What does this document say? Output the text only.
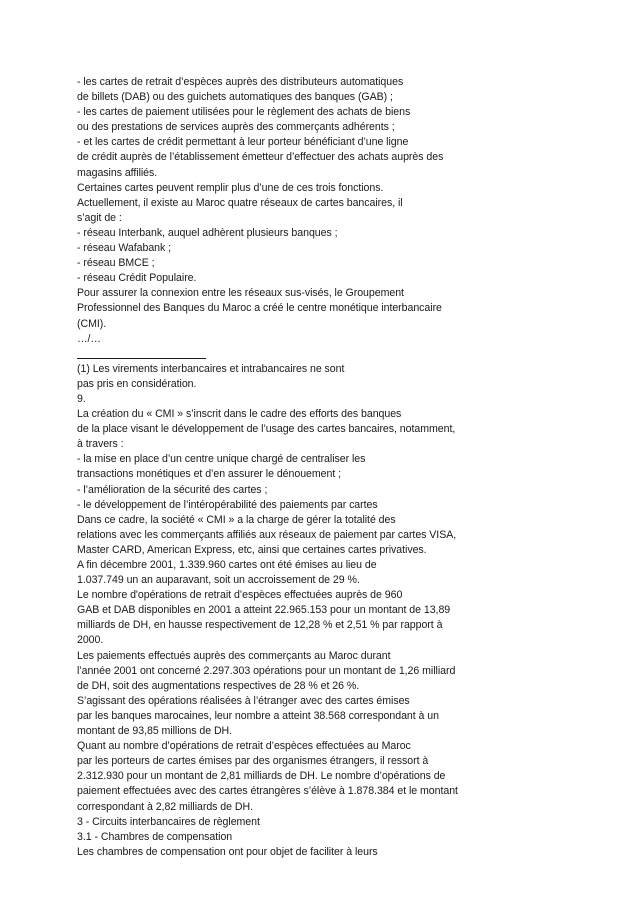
- les cartes de retrait d’espèces auprès des distributeurs automatiques
de billets (DAB) ou des guichets automatiques des banques (GAB) ;
- les cartes de paiement utilisées pour le règlement des achats de biens
ou des prestations de services auprès des commerçants adhérents ;
- et les cartes de crédit permettant à leur porteur bénéficiant d’une ligne
de crédit auprès de l’établissement émetteur d’effectuer des achats auprès des
magasins affiliés.
Certaines cartes peuvent remplir plus d’une de ces trois fonctions.
Actuellement, il existe au Maroc quatre réseaux de cartes bancaires, il
s’agit de :
- réseau Interbank, auquel adhèrent plusieurs banques ;
- réseau Wafabank ;
- réseau BMCE ;
- réseau Crédit Populaire.
Pour assurer la connexion entre les réseaux sus-visés, le Groupement
Professionnel des Banques du Maroc a créé le centre monétique interbancaire
(CMI).
…/…
(1) Les virements interbancaires et intrabancaires ne sont
pas pris en considération.
9.
La création du « CMI » s’inscrit dans le cadre des efforts des banques
de la place visant le développement de l’usage des cartes bancaires, notamment,
à travers :
- la mise en place d’un centre unique chargé de centraliser les
transactions monétiques et d’en assurer le dénouement ;
- l’amélioration de la sécurité des cartes ;
- le développement de l’intéropérabilité des paiements par cartes
Dans ce cadre, la société « CMI » a la charge de gérer la totalité des
relations avec les commerçants affiliés aux réseaux de paiement par cartes VISA,
Master CARD, American Express, etc, ainsi que certaines cartes privatives.
A fin décembre 2001, 1.339.960 cartes ont été émises au lieu de
1.037.749 un an auparavant, soit un accroissement de 29 %.
Le nombre d'opérations de retrait d’espèces effectuées auprès de 960
GAB et DAB disponibles en 2001 a atteint 22.965.153 pour un montant de 13,89
milliards de DH, en hausse respectivement de 12,28 % et 2,51 % par rapport à
2000.
Les paiements effectués auprès des commerçants au Maroc durant
l’année 2001 ont concerné 2.297.303 opérations pour un montant de 1,26 milliard
de DH, soit des augmentations respectives de 28 % et 26 %.
S’agissant des opérations réalisées à l’étranger avec des cartes émises
par les banques marocaines, leur nombre a atteint 38.568 correspondant à un
montant de 93,85 millions de DH.
Quant au nombre d’opérations de retrait d’espèces effectuées au Maroc
par les porteurs de cartes émises par des organismes étrangers, il ressort à
2.312.930 pour un montant de 2,81 milliards de DH. Le nombre d’opérations de
paiement effectuées avec des cartes étrangères s’élève à 1.878.384 et le montant
correspondant à 2,82 milliards de DH.
3 - Circuits interbancaires de règlement
3.1 - Chambres de compensation
Les chambres de compensation ont pour objet de faciliter à leurs
